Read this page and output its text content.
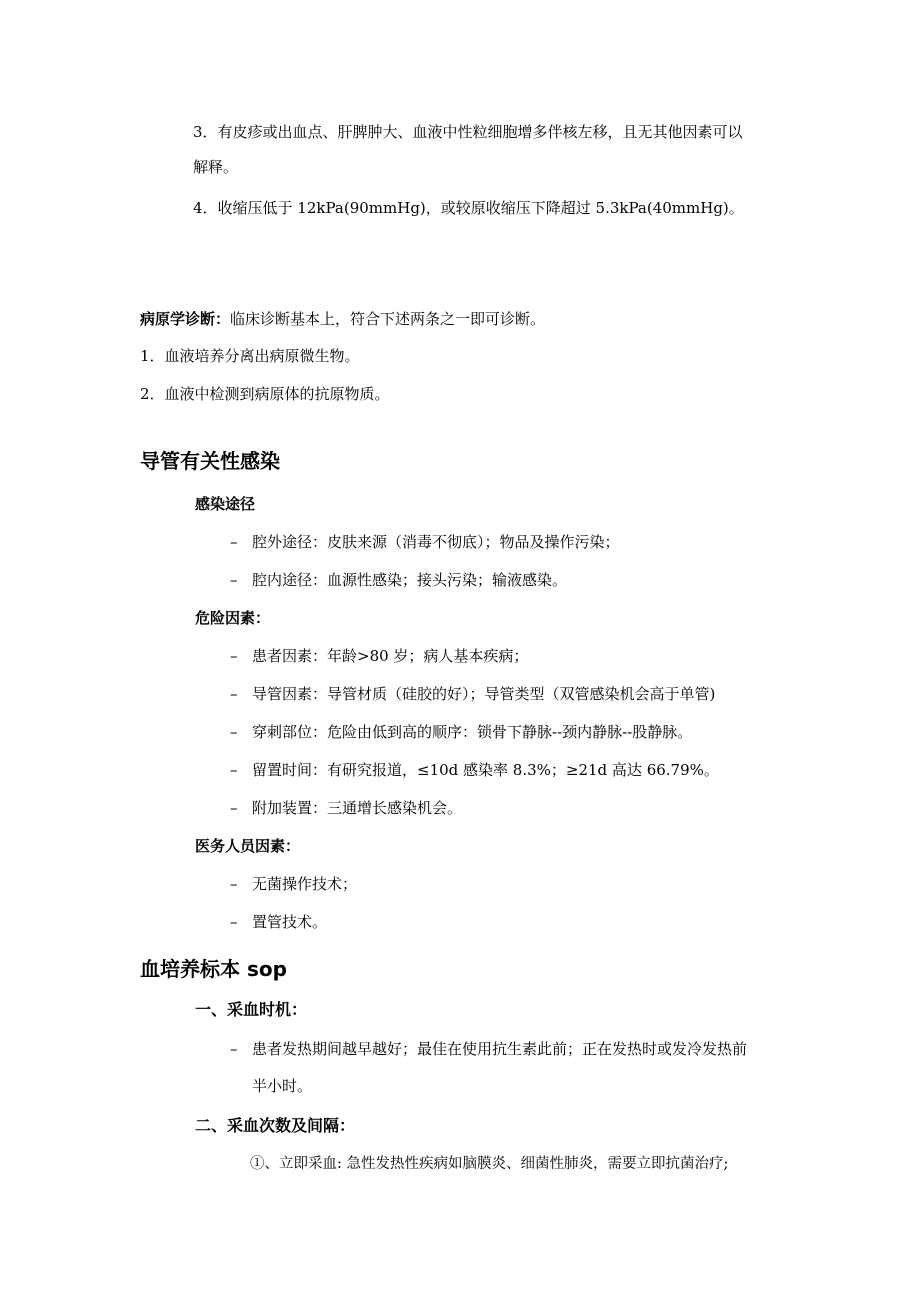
3．有皮疹或出血点、肝脾肿大、血液中性粒细胞增多伴核左移，且无其他因素可以
解释。
4．收缩压低于 12kPa(90mmHg)，或较原收缩压下降超过 5.3kPa(40mmHg)。
病原学诊断：临床诊断基本上，符合下述两条之一即可诊断。
1．血液培养分离出病原微生物。
2．血液中检测到病原体的抗原物质。
导管有关性感染
感染途径
– 腔外途径：皮肤来源（消毒不彻底）；物品及操作污染；
– 腔内途径：血源性感染；接头污染；输液感染。
危险因素：
– 患者因素：年龄>80 岁；病人基本疾病；
– 导管因素：导管材质（硅胶的好）；导管类型（双管感染机会高于单管)
– 穿刺部位：危险由低到高的顺序：锁骨下静脉--颈内静脉--股静脉。
– 留置时间：有研究报道，≤10d 感染率 8.3%；≥21d 高达 66.79%。
– 附加装置：三通增长感染机会。
医务人员因素：
– 无菌操作技术；
– 置管技术。
血培养标本 sop
一、采血时机：
– 患者发热期间越早越好；最佳在使用抗生素此前；正在发热时或发冷发热前
半小时。
二、采血次数及间隔：
①、立即采血: 急性发热性疾病如脑膜炎、细菌性肺炎，需要立即抗菌治疗;
